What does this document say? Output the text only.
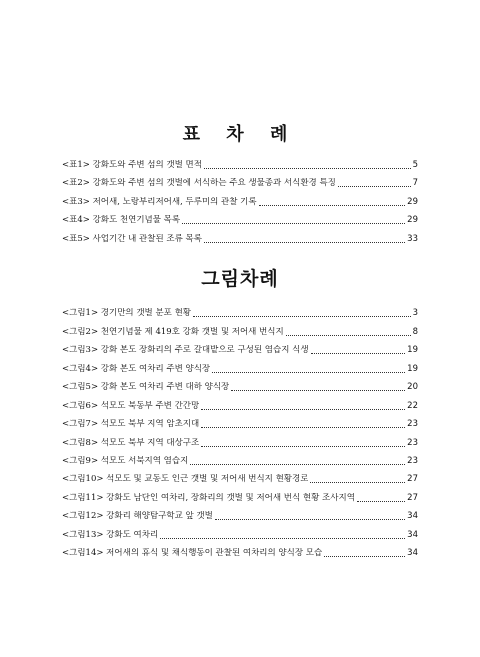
표 차 례
<표1> 강화도와 주변 섬의 갯벌 면적	5
<표2> 강화도와 주변 섬의 갯벌에 서식하는 주요 생물종과 서식환경 특징	7
<표3> 저어새, 노랑부리저어새, 두루미의 관찰 기록	29
<표4> 강화도 천연기념물 목록	29
<표5> 사업기간 내 관찰된 조류 목록	33
그림차례
<그림1> 경기만의 갯벌 분포 현황	3
<그림2> 천연기념물 제 419호 강화 갯벌 및 저어새 번식지	8
<그림3> 강화 본도 장화리의 주로 갈대밭으로 구성된 염습지 식생	19
<그림4> 강화 본도 여차리 주변 양식장	19
<그림5> 강화 본도 여차리 주변 대하 양식장	20
<그림6> 석모도 북동부 주변 간간망	22
<그림7> 석모도 북부 지역 암초지대	23
<그림8> 석모도 북부 지역 대상구조	23
<그림9> 석모도 서북지역 염습지	23
<그림10> 석모도 및 교동도 인근 갯벌 및 저어새 번식지 현황경로	27
<그림11> 강화도 남단인 여차리, 장화리의 갯벌 및 저어새 번식 현황 조사지역	27
<그림12> 강화리 해양탐구학교 앞 갯벌	34
<그림13> 강화도 여차리	34
<그림14> 저어새의 휴식 및 채식행동이 관찰된 여차리의 양식장 모습	34
